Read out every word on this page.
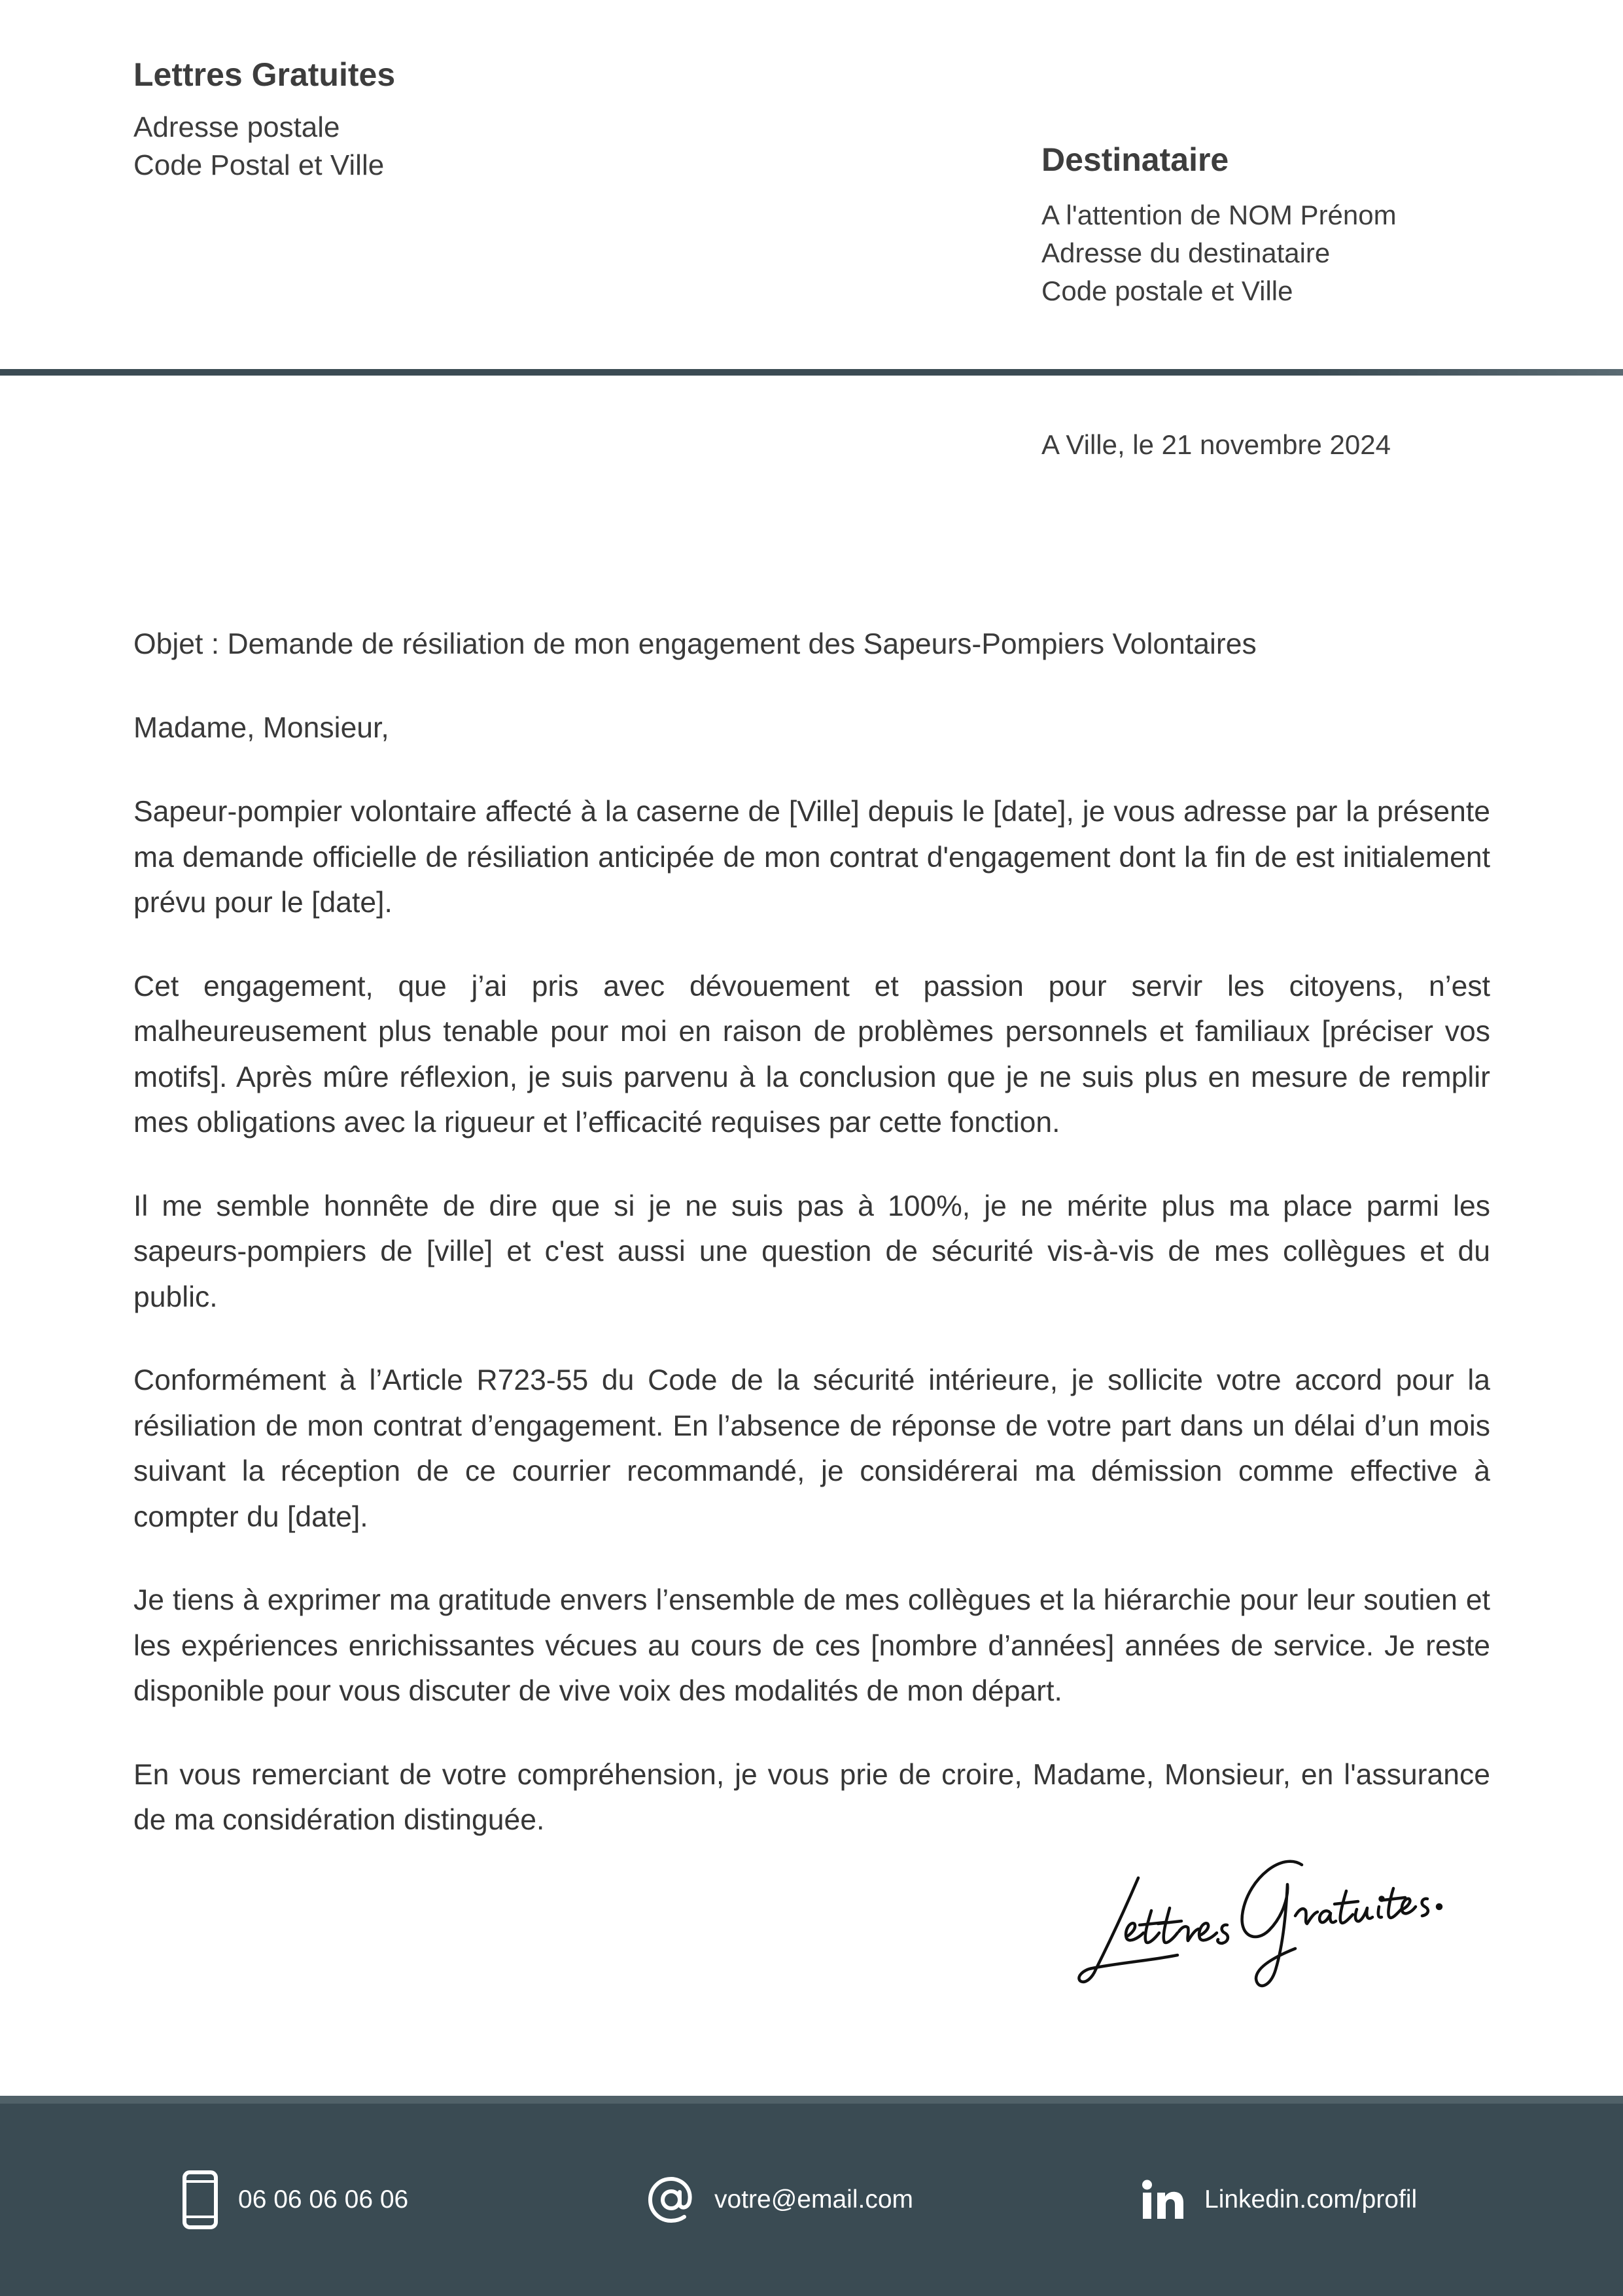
Lettres Gratuites
Adresse postale
Code Postal et Ville	Destinataire
A l'attention de NOM Prénom
Adresse du destinataire
Code postale et Ville
A Ville, le 21 novembre 2024

Objet : Demande de résiliation de mon engagement des Sapeurs-Pompiers Volontaires

Madame, Monsieur,

Sapeur-pompier volontaire affecté à la caserne de [Ville] depuis le [date], je vous adresse par la présente ma demande officielle de résiliation anticipée de mon contrat d'engagement dont la fin de est initialement prévu pour le [date].

Cet engagement, que j’ai pris avec dévouement et passion pour servir les citoyens, n’est malheureusement plus tenable pour moi en raison de problèmes personnels et familiaux [préciser vos motifs]. Après mûre réflexion, je suis parvenu à la conclusion que je ne suis plus en mesure de remplir mes obligations avec la rigueur et l’efficacité requises par cette fonction.

Il me semble honnête de dire que si je ne suis pas à 100%, je ne mérite plus ma place parmi les sapeurs-pompiers de [ville] et c'est aussi une question de sécurité vis-à-vis de mes collègues et du public.

Conformément à l’Article R723-55 du Code de la sécurité intérieure, je sollicite votre accord pour la résiliation de mon contrat d’engagement. En l’absence de réponse de votre part dans un délai d’un mois suivant la réception de ce courrier recommandé, je considérerai ma démission comme effective à compter du [date].

Je tiens à exprimer ma gratitude envers l’ensemble de mes collègues et la hiérarchie pour leur soutien et les expériences enrichissantes vécues au cours de ces [nombre d’années] années de service. Je reste disponible pour vous discuter de vive voix des modalités de mon départ.

En vous remerciant de votre compréhension, je vous prie de croire, Madame, Monsieur, en l'assurance de ma considération distinguée.

06 06 06 06 06	votre@email.com	Linkedin.com/profil
